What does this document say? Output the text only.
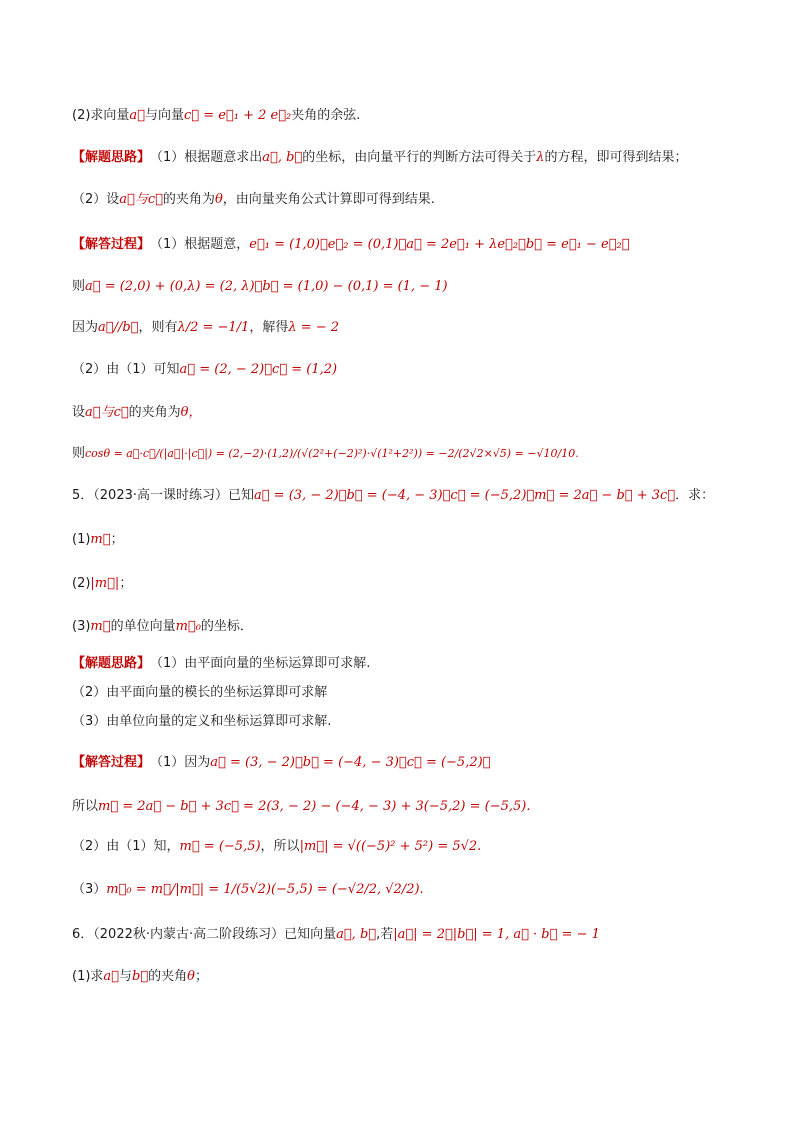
(2)求向量 a⃗ 与向量 c⃗ = e⃗₁ + 2 e⃗₂ 夹角的余弦.
【解题思路】 （1）根据题意求出 a⃗, b⃗ 的坐标，由向量平行的判断方法可得关于 λ 的方程，即可得到结果；
（2）设 a⃗与c⃗ 的夹角为 θ ，由向量夹角公式计算即可得到结果.
【解答过程】 （1）根据题意， e⃗₁ = (1,0)，e⃗₂ = (0,1)，a⃗ = 2e⃗₁ + λe⃗₂，b⃗ = e⃗₁ − e⃗₂，
则 a⃗ = (2,0) + (0,λ) = (2, λ)，b⃗ = (1,0) − (0,1) = (1, − 1)
因为 a⃗//b⃗ ，则有 λ/2 = −1/1 ，解得 λ = − 2
（2）由（1）可知 a⃗ = (2, − 2)，c⃗ = (1,2)
设 a⃗与c⃗ 的夹角为 θ，
则 cosθ = a⃗·c⃗/(|a⃗|·|c⃗|) = (2,−2)·(1,2)/(√(2²+(−2)²)·√(1²+2²)) = −2/(2√2×√5) = −√10/10.
5．（2023·高一课时练习）已知 a⃗ = (3, − 2)，b⃗ = (−4, − 3)，c⃗ = (−5,2)，m⃗ = 2a⃗ − b⃗ + 3c⃗ ．求：
(1) m⃗ ；
(2) |m⃗| ；
(3) m⃗ 的单位向量 m⃗₀ 的坐标．
【解题思路】 （1）由平面向量的坐标运算即可求解.
（2）由平面向量的模长的坐标运算即可求解
（3）由单位向量的定义和坐标运算即可求解.
【解答过程】 （1）因为 a⃗ = (3, − 2)，b⃗ = (−4, − 3)，c⃗ = (−5,2)，
所以 m⃗ = 2a⃗ − b⃗ + 3c⃗ = 2(3, − 2) − (−4, − 3) + 3(−5,2) = (−5,5).
（2）由（1）知， m⃗ = (−5,5) ，所以 |m⃗| = √((−5)² + 5²) = 5√2.
（3） m⃗₀ = m⃗/|m⃗| = 1/(5√2)(−5,5) = (−√2/2, √2/2).
6．（2022秋·内蒙古·高二阶段练习）已知向量 a⃗, b⃗ ,若 |a⃗| = 2，|b⃗| = 1, a⃗ · b⃗ = − 1
(1)求 a⃗ 与 b⃗ 的夹角 θ ；
